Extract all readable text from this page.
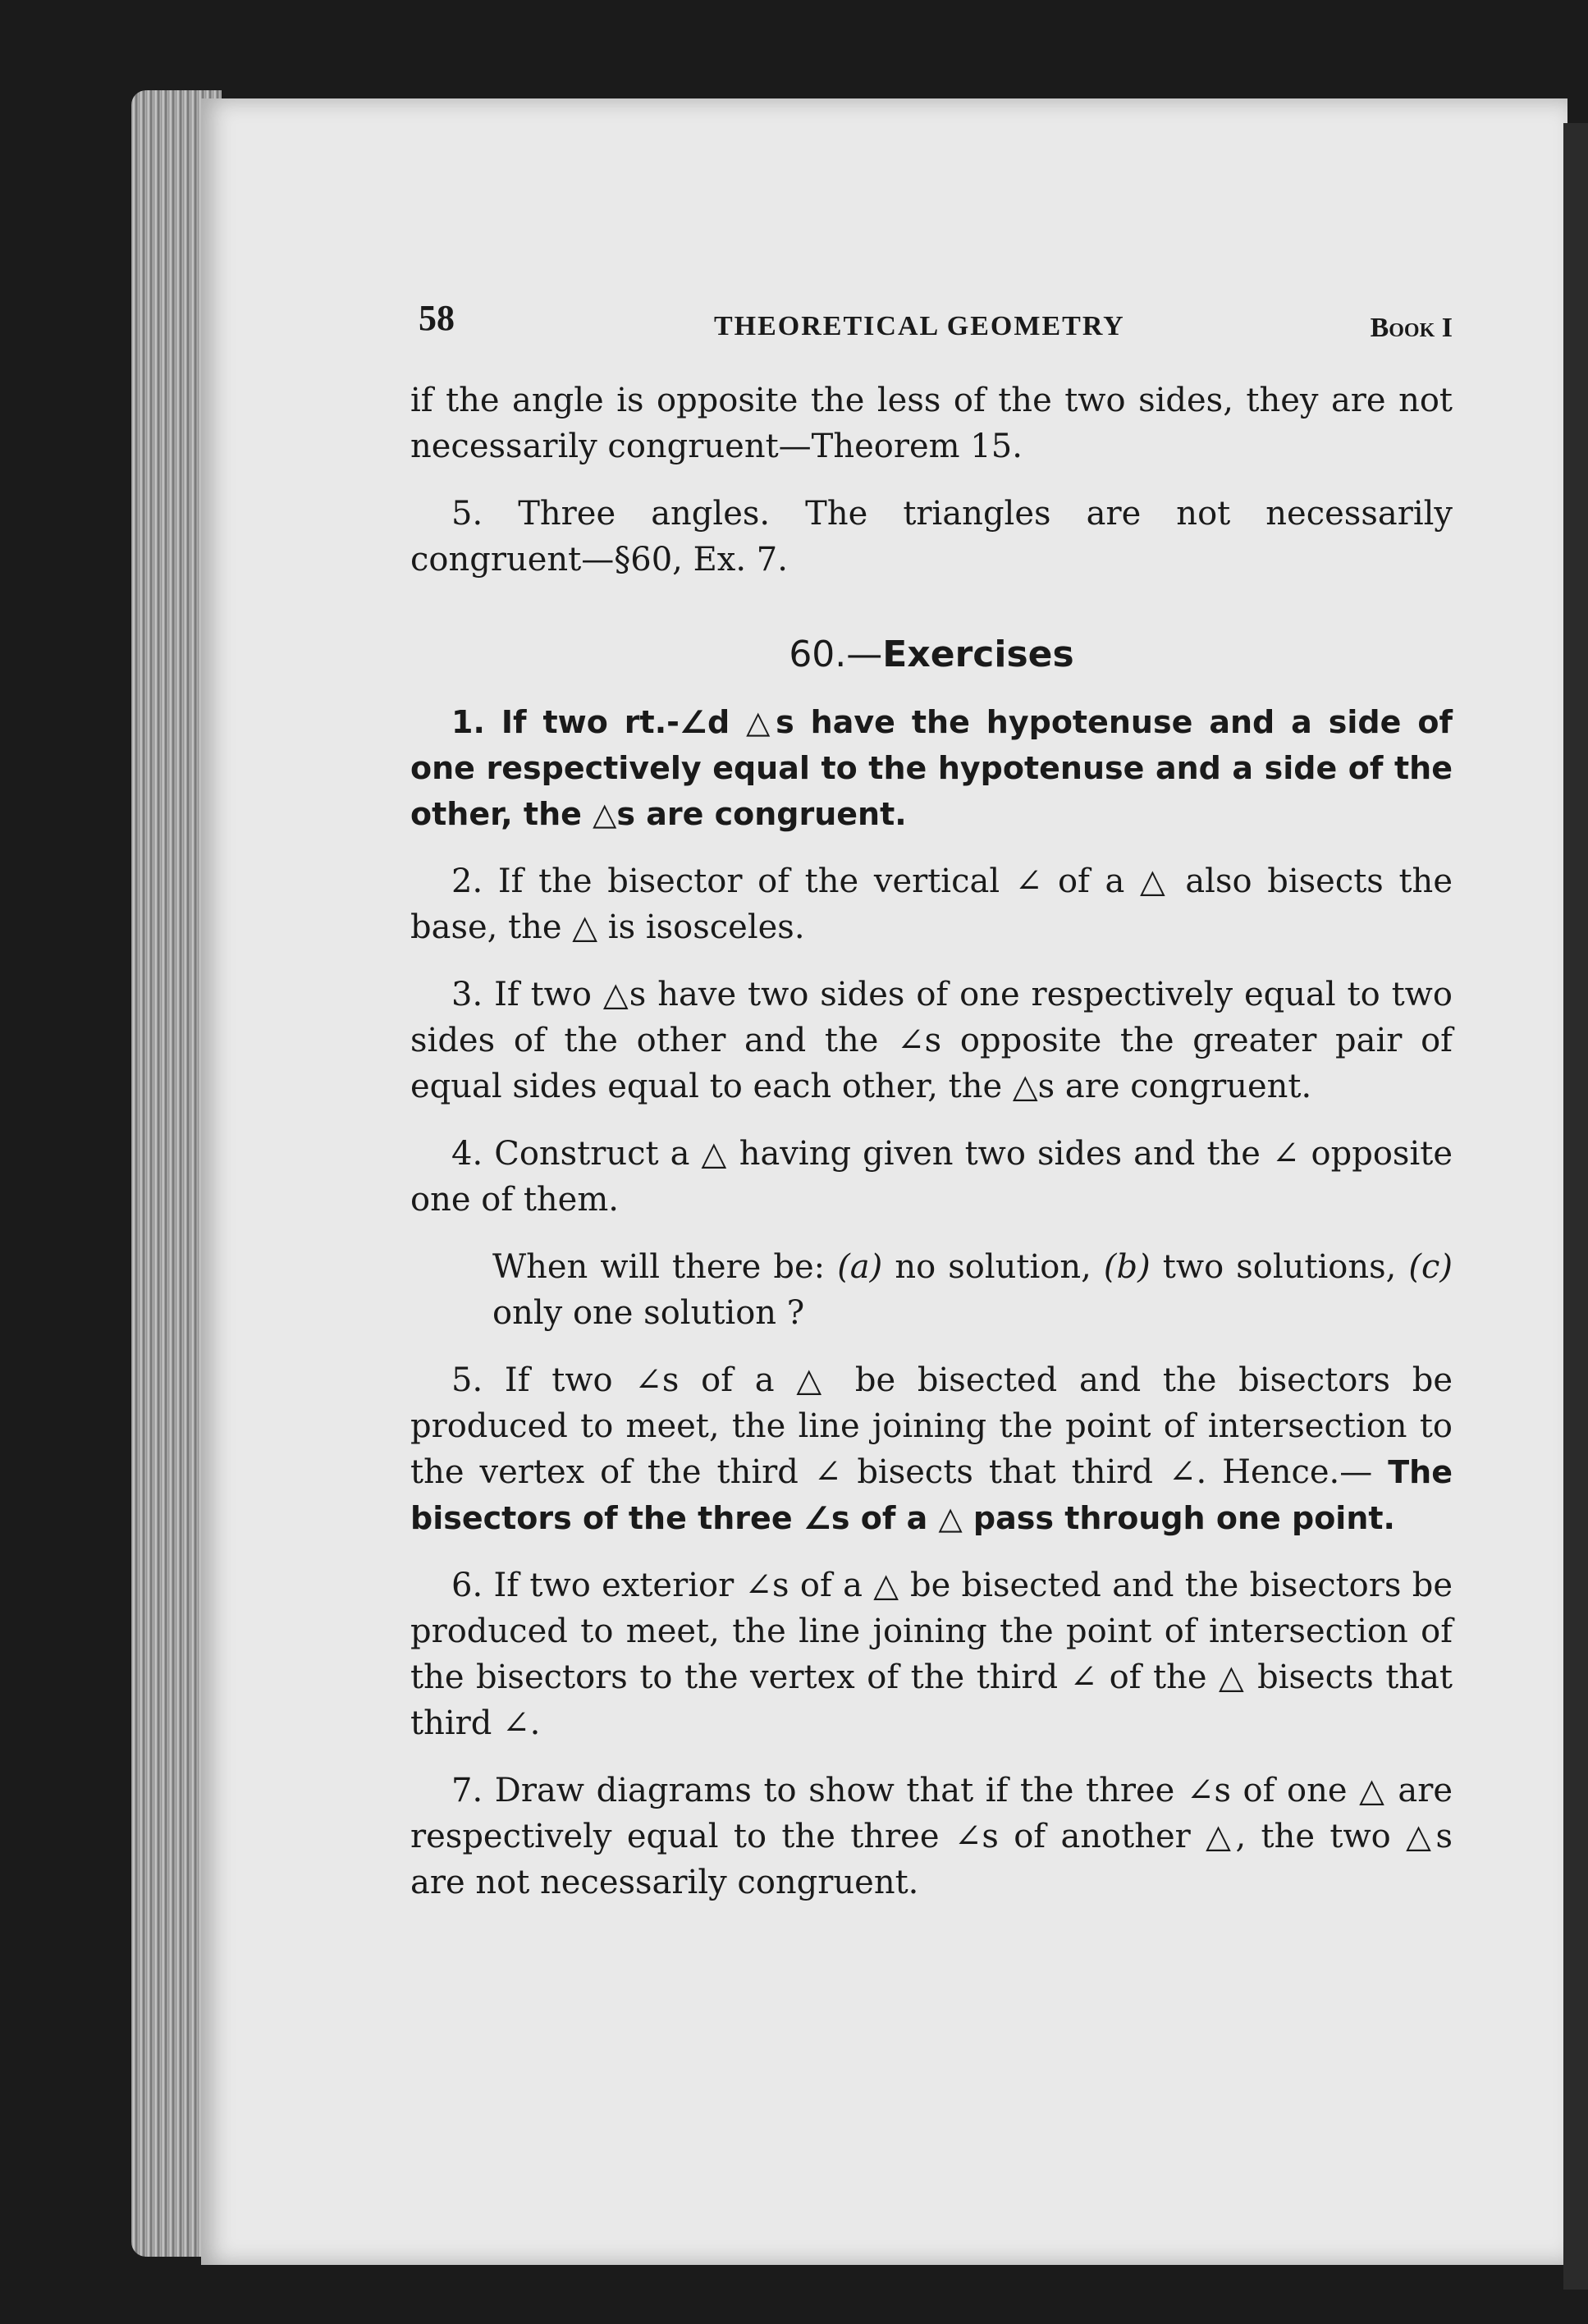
58	THEORETICAL GEOMETRY	Book I

if the angle is opposite the less of the two sides, they are not necessarily congruent—Theorem 15.

5. Three angles. The triangles are not necessarily congruent—§60, Ex. 7.

60.—Exercises

1. If two rt.-∠d △s have the hypotenuse and a side of one respectively equal to the hypotenuse and a side of the other, the △s are congruent.

2. If the bisector of the vertical ∠ of a △ also bisects the base, the △ is isosceles.

3. If two △s have two sides of one respectively equal to two sides of the other and the ∠s opposite the greater pair of equal sides equal to each other, the △s are congruent.

4. Construct a △ having given two sides and the ∠ opposite one of them.

When will there be: (a) no solution, (b) two solutions, (c) only one solution ?

5. If two ∠s of a △ be bisected and the bisectors be produced to meet, the line joining the point of intersection to the vertex of the third ∠ bisects that third ∠. Hence.— The bisectors of the three ∠s of a △ pass through one point.

6. If two exterior ∠s of a △ be bisected and the bisectors be produced to meet, the line joining the point of intersection of the bisectors to the vertex of the third ∠ of the △ bisects that third ∠.

7. Draw diagrams to show that if the three ∠s of one △ are respectively equal to the three ∠s of another △, the two △s are not necessarily congruent.
